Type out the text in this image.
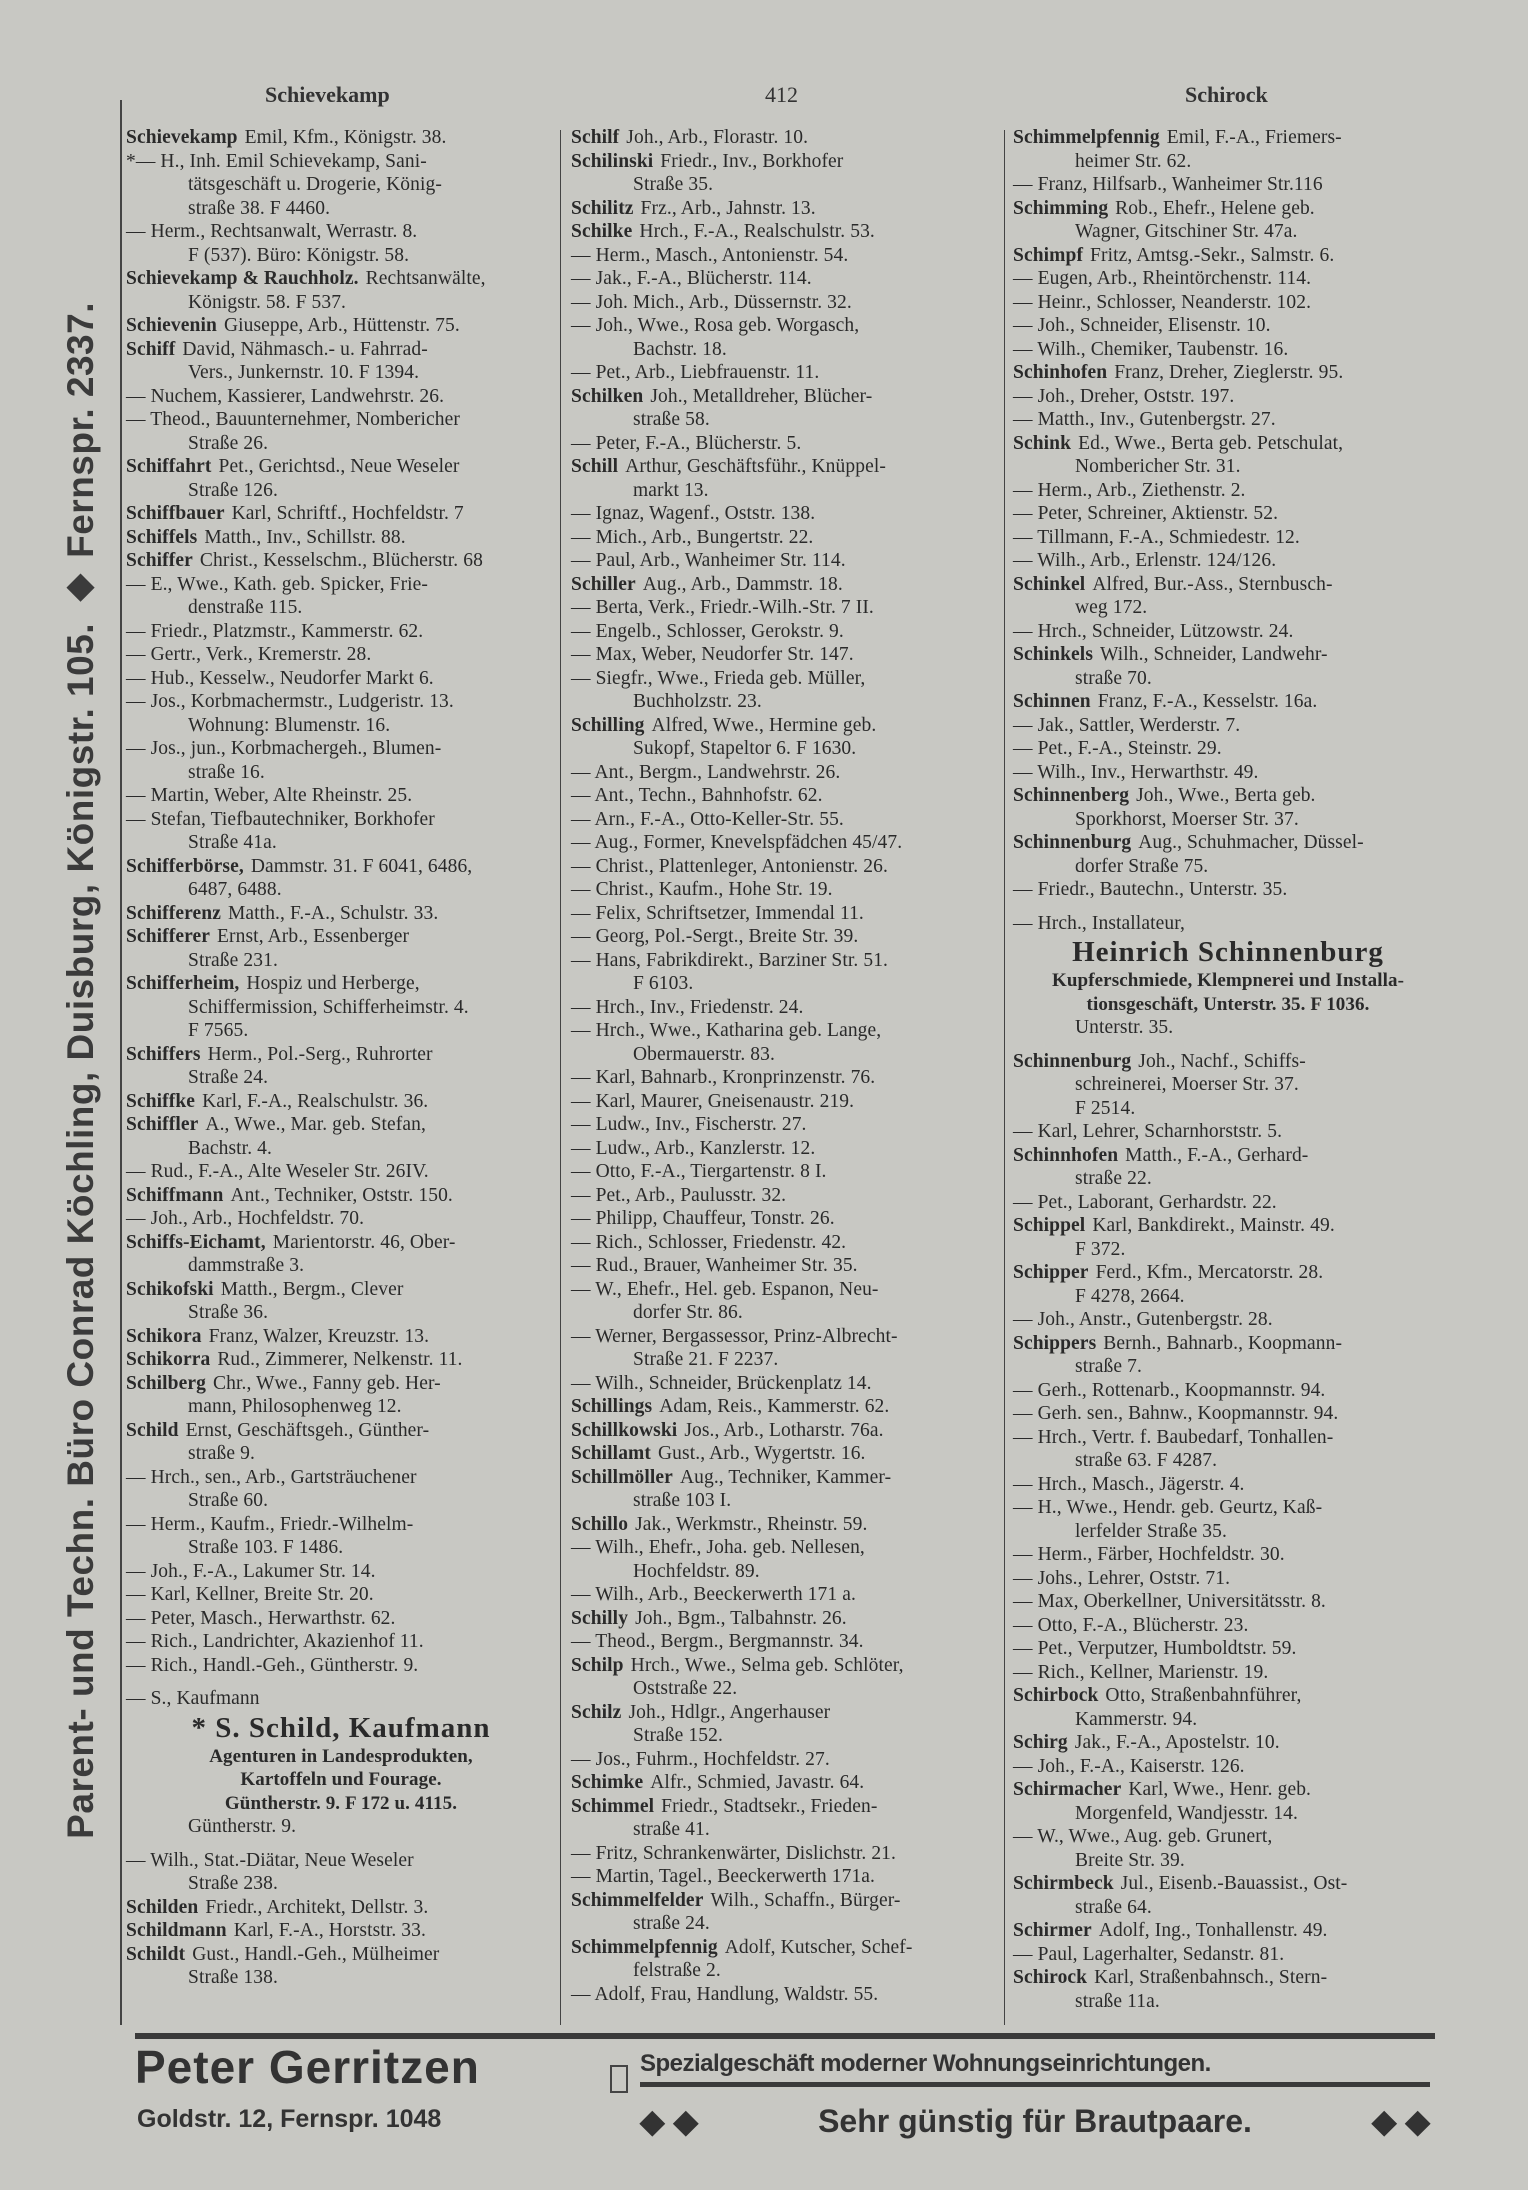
Parent- und Techn. Büro Conrad Köchling, Duisburg, Königstr. 105. ◆ Fernspr. 2337.
Schievekamp	412	Schirock
Schievekamp Emil, Kfm., Königstr. 38.
*— H., Inh. Emil Schievekamp, Sani-
tätsgeschäft u. Drogerie, König-
straße 38. F 4460.
— Herm., Rechtsanwalt, Werrastr. 8.
F (537). Büro: Königstr. 58.
Schievekamp & Rauchholz. Rechtsanwälte,
Königstr. 58. F 537.
Schievenin Giuseppe, Arb., Hüttenstr. 75.
Schiff David, Nähmasch.- u. Fahrrad-
Vers., Junkernstr. 10. F 1394.
— Nuchem, Kassierer, Landwehrstr. 26.
— Theod., Bauunternehmer, Nombericher
Straße 26.
Schiffahrt Pet., Gerichtsd., Neue Weseler
Straße 126.
Schiffbauer Karl, Schriftf., Hochfeldstr. 7
Schiffels Matth., Inv., Schillstr. 88.
Schiffer Christ., Kesselschm., Blücherstr. 68
— E., Wwe., Kath. geb. Spicker, Frie-
denstraße 115.
— Friedr., Platzmstr., Kammerstr. 62.
— Gertr., Verk., Kremerstr. 28.
— Hub., Kesselw., Neudorfer Markt 6.
— Jos., Korbmachermstr., Ludgeristr. 13.
Wohnung: Blumenstr. 16.
— Jos., jun., Korbmachergeh., Blumen-
straße 16.
— Martin, Weber, Alte Rheinstr. 25.
— Stefan, Tiefbautechniker, Borkhofer
Straße 41a.
Schifferbörse, Dammstr. 31. F 6041, 6486,
6487, 6488.
Schifferenz Matth., F.-A., Schulstr. 33.
Schifferer Ernst, Arb., Essenberger
Straße 231.
Schifferheim, Hospiz und Herberge,
Schiffermission, Schifferheimstr. 4.
F 7565.
Schiffers Herm., Pol.-Serg., Ruhrorter
Straße 24.
Schiffke Karl, F.-A., Realschulstr. 36.
Schiffler A., Wwe., Mar. geb. Stefan,
Bachstr. 4.
— Rud., F.-A., Alte Weseler Str. 26IV.
Schiffmann Ant., Techniker, Oststr. 150.
— Joh., Arb., Hochfeldstr. 70.
Schiffs-Eichamt, Marientorstr. 46, Ober-
dammstraße 3.
Schikofski Matth., Bergm., Clever
Straße 36.
Schikora Franz, Walzer, Kreuzstr. 13.
Schikorra Rud., Zimmerer, Nelkenstr. 11.
Schilberg Chr., Wwe., Fanny geb. Her-
mann, Philosophenweg 12.
Schild Ernst, Geschäftsgeh., Günther-
straße 9.
— Hrch., sen., Arb., Gartsträuchener
Straße 60.
— Herm., Kaufm., Friedr.-Wilhelm-
Straße 103. F 1486.
— Joh., F.-A., Lakumer Str. 14.
— Karl, Kellner, Breite Str. 20.
— Peter, Masch., Herwarthstr. 62.
— Rich., Landrichter, Akazienhof 11.
— Rich., Handl.-Geh., Güntherstr. 9.
— S., Kaufmann
* S. Schild, Kaufmann
Agenturen in Landesprodukten,
Kartoffeln und Fourage.
Güntherstr. 9. F 172 u. 4115.
Güntherstr. 9.
— Wilh., Stat.-Diätar, Neue Weseler
Straße 238.
Schilden Friedr., Architekt, Dellstr. 3.
Schildmann Karl, F.-A., Horststr. 33.
Schildt Gust., Handl.-Geh., Mülheimer
Straße 138.
Schilf Joh., Arb., Florastr. 10.
Schilinski Friedr., Inv., Borkhofer
Straße 35.
Schilitz Frz., Arb., Jahnstr. 13.
Schilke Hrch., F.-A., Realschulstr. 53.
— Herm., Masch., Antonienstr. 54.
— Jak., F.-A., Blücherstr. 114.
— Joh. Mich., Arb., Düssernstr. 32.
— Joh., Wwe., Rosa geb. Worgasch,
Bachstr. 18.
— Pet., Arb., Liebfrauenstr. 11.
Schilken Joh., Metalldreher, Blücher-
straße 58.
— Peter, F.-A., Blücherstr. 5.
Schill Arthur, Geschäftsführ., Knüppel-
markt 13.
— Ignaz, Wagenf., Oststr. 138.
— Mich., Arb., Bungertstr. 22.
— Paul, Arb., Wanheimer Str. 114.
Schiller Aug., Arb., Dammstr. 18.
— Berta, Verk., Friedr.-Wilh.-Str. 7 II.
— Engelb., Schlosser, Gerokstr. 9.
— Max, Weber, Neudorfer Str. 147.
— Siegfr., Wwe., Frieda geb. Müller,
Buchholzstr. 23.
Schilling Alfred, Wwe., Hermine geb.
Sukopf, Stapeltor 6. F 1630.
— Ant., Bergm., Landwehrstr. 26.
— Ant., Techn., Bahnhofstr. 62.
— Arn., F.-A., Otto-Keller-Str. 55.
— Aug., Former, Knevelspfädchen 45/47.
— Christ., Plattenleger, Antonienstr. 26.
— Christ., Kaufm., Hohe Str. 19.
— Felix, Schriftsetzer, Immendal 11.
— Georg, Pol.-Sergt., Breite Str. 39.
— Hans, Fabrikdirekt., Barziner Str. 51.
F 6103.
— Hrch., Inv., Friedenstr. 24.
— Hrch., Wwe., Katharina geb. Lange,
Obermauerstr. 83.
— Karl, Bahnarb., Kronprinzenstr. 76.
— Karl, Maurer, Gneisenaustr. 219.
— Ludw., Inv., Fischerstr. 27.
— Ludw., Arb., Kanzlerstr. 12.
— Otto, F.-A., Tiergartenstr. 8 I.
— Pet., Arb., Paulusstr. 32.
— Philipp, Chauffeur, Tonstr. 26.
— Rich., Schlosser, Friedenstr. 42.
— Rud., Brauer, Wanheimer Str. 35.
— W., Ehefr., Hel. geb. Espanon, Neu-
dorfer Str. 86.
— Werner, Bergassessor, Prinz-Albrecht-
Straße 21. F 2237.
— Wilh., Schneider, Brückenplatz 14.
Schillings Adam, Reis., Kammerstr. 62.
Schillkowski Jos., Arb., Lotharstr. 76a.
Schillamt Gust., Arb., Wygertstr. 16.
Schillmöller Aug., Techniker, Kammer-
straße 103 I.
Schillo Jak., Werkmstr., Rheinstr. 59.
— Wilh., Ehefr., Joha. geb. Nellesen,
Hochfeldstr. 89.
— Wilh., Arb., Beeckerwerth 171 a.
Schilly Joh., Bgm., Talbahnstr. 26.
— Theod., Bergm., Bergmannstr. 34.
Schilp Hrch., Wwe., Selma geb. Schlöter,
Oststraße 22.
Schilz Joh., Hdlgr., Angerhauser
Straße 152.
— Jos., Fuhrm., Hochfeldstr. 27.
Schimke Alfr., Schmied, Javastr. 64.
Schimmel Friedr., Stadtsekr., Frieden-
straße 41.
— Fritz, Schrankenwärter, Dislichstr. 21.
— Martin, Tagel., Beeckerwerth 171a.
Schimmelfelder Wilh., Schaffn., Bürger-
straße 24.
Schimmelpfennig Adolf, Kutscher, Schef-
felstraße 2.
— Adolf, Frau, Handlung, Waldstr. 55.
Schimmelpfennig Emil, F.-A., Friemers-
heimer Str. 62.
— Franz, Hilfsarb., Wanheimer Str.116
Schimming Rob., Ehefr., Helene geb.
Wagner, Gitschiner Str. 47a.
Schimpf Fritz, Amtsg.-Sekr., Salmstr. 6.
— Eugen, Arb., Rheintörchenstr. 114.
— Heinr., Schlosser, Neanderstr. 102.
— Joh., Schneider, Elisenstr. 10.
— Wilh., Chemiker, Taubenstr. 16.
Schinhofen Franz, Dreher, Zieglerstr. 95.
— Joh., Dreher, Oststr. 197.
— Matth., Inv., Gutenbergstr. 27.
Schink Ed., Wwe., Berta geb. Petschulat,
Nombericher Str. 31.
— Herm., Arb., Ziethenstr. 2.
— Peter, Schreiner, Aktienstr. 52.
— Tillmann, F.-A., Schmiedestr. 12.
— Wilh., Arb., Erlenstr. 124/126.
Schinkel Alfred, Bur.-Ass., Sternbusch-
weg 172.
— Hrch., Schneider, Lützowstr. 24.
Schinkels Wilh., Schneider, Landwehr-
straße 70.
Schinnen Franz, F.-A., Kesselstr. 16a.
— Jak., Sattler, Werderstr. 7.
— Pet., F.-A., Steinstr. 29.
— Wilh., Inv., Herwarthstr. 49.
Schinnenberg Joh., Wwe., Berta geb.
Sporkhorst, Moerser Str. 37.
Schinnenburg Aug., Schuhmacher, Düssel-
dorfer Straße 75.
— Friedr., Bautechn., Unterstr. 35.
— Hrch., Installateur,
Heinrich Schinnenburg
Kupferschmiede, Klempnerei und Installa-
tionsgeschäft, Unterstr. 35. F 1036.
Unterstr. 35.
Schinnenburg Joh., Nachf., Schiffs-
schreinerei, Moerser Str. 37.
F 2514.
— Karl, Lehrer, Scharnhorststr. 5.
Schinnhofen Matth., F.-A., Gerhard-
straße 22.
— Pet., Laborant, Gerhardstr. 22.
Schippel Karl, Bankdirekt., Mainstr. 49.
F 372.
Schipper Ferd., Kfm., Mercatorstr. 28.
F 4278, 2664.
— Joh., Anstr., Gutenbergstr. 28.
Schippers Bernh., Bahnarb., Koopmann-
straße 7.
— Gerh., Rottenarb., Koopmannstr. 94.
— Gerh. sen., Bahnw., Koopmannstr. 94.
— Hrch., Vertr. f. Baubedarf, Tonhallen-
straße 63. F 4287.
— Hrch., Masch., Jägerstr. 4.
— H., Wwe., Hendr. geb. Geurtz, Kaß-
lerfelder Straße 35.
— Herm., Färber, Hochfeldstr. 30.
— Johs., Lehrer, Oststr. 71.
— Max, Oberkellner, Universitätsstr. 8.
— Otto, F.-A., Blücherstr. 23.
— Pet., Verputzer, Humboldtstr. 59.
— Rich., Kellner, Marienstr. 19.
Schirbock Otto, Straßenbahnführer,
Kammerstr. 94.
Schirg Jak., F.-A., Apostelstr. 10.
— Joh., F.-A., Kaiserstr. 126.
Schirmacher Karl, Wwe., Henr. geb.
Morgenfeld, Wandjesstr. 14.
— W., Wwe., Aug. geb. Grunert,
Breite Str. 39.
Schirmbeck Jul., Eisenb.-Bauassist., Ost-
straße 64.
Schirmer Adolf, Ing., Tonhallenstr. 49.
— Paul, Lagerhalter, Sedanstr. 81.
Schirock Karl, Straßenbahnsch., Stern-
straße 11a.
Peter Gerritzen
Goldstr. 12, Fernspr. 1048
Spezialgeschäft moderner Wohnungseinrichtungen.
◆ ◆	Sehr günstig für Brautpaare.	◆ ◆
